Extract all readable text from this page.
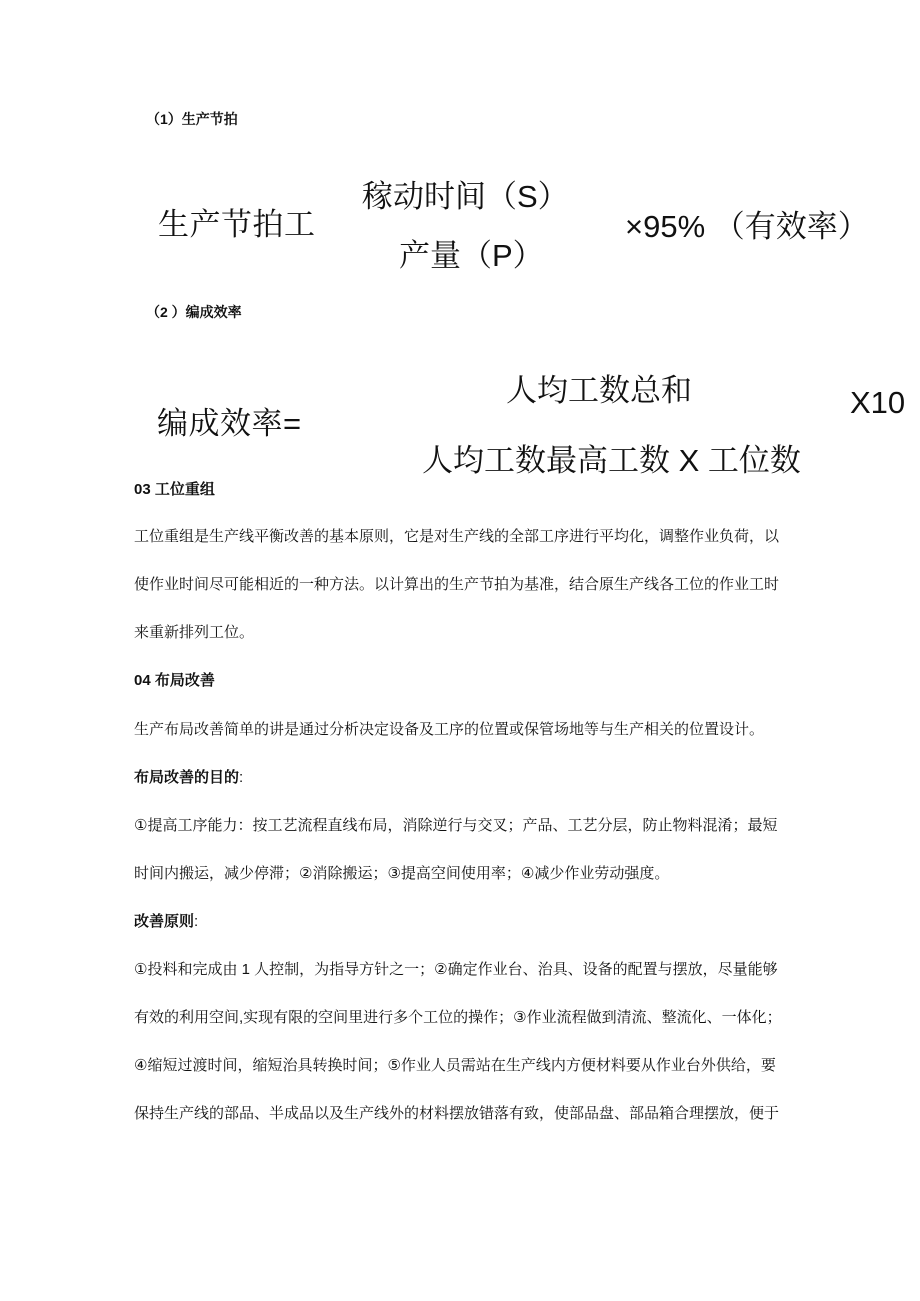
（1）生产节拍
生产节拍工
稼动时间（S）
产量（P）
×95% （有效率）
（2 ）编成效率
编成效率=
人均工数总和
人均工数最高工数 X 工位数
X10
03 工位重组
工位重组是生产线平衡改善的基本原则，它是对生产线的全部工序进行平均化，调整作业负荷，以
使作业时间尽可能相近的一种方法。以计算出的生产节拍为基准，结合原生产线各工位的作业工时
来重新排列工位。
04 布局改善
生产布局改善简单的讲是通过分析决定设备及工序的位置或保管场地等与生产相关的位置设计。
布局改善的目的:
①提高工序能力：按工艺流程直线布局，消除逆行与交叉；产品、工艺分层，防止物料混淆；最短
时间内搬运，减少停滞；②消除搬运；③提高空间使用率；④减少作业劳动强度。
改善原则:
①投料和完成由 1 人控制，为指导方针之一；②确定作业台、治具、设备的配置与摆放，尽量能够
有效的利用空间,实现有限的空间里进行多个工位的操作；③作业流程做到清流、整流化、一体化；
④缩短过渡时间，缩短治具转换时间；⑤作业人员需站在生产线内方便材料要从作业台外供给，要
保持生产线的部品、半成品以及生产线外的材料摆放错落有致，使部品盘、部品箱合理摆放，便于
